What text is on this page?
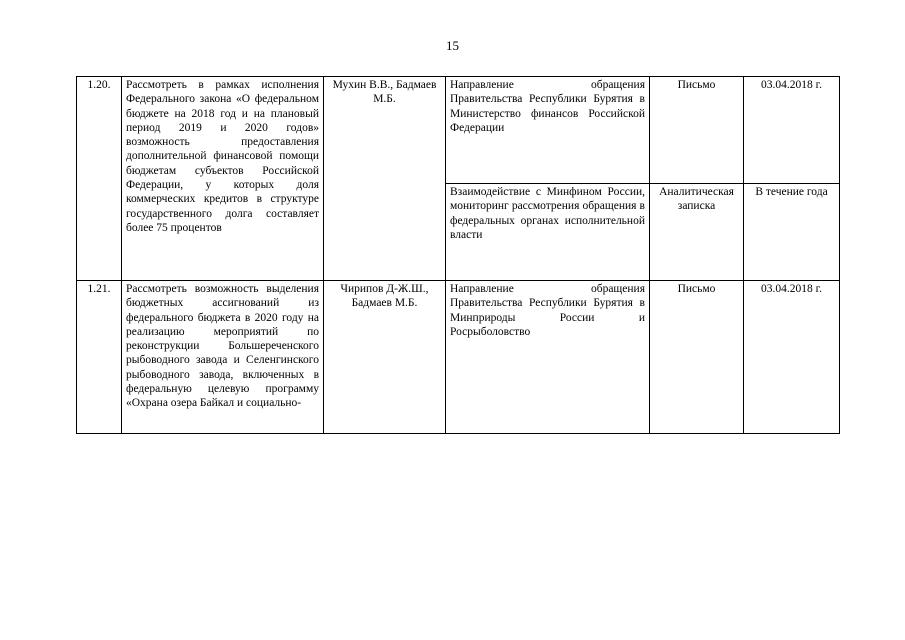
15
1.20.	Рассмотреть в рамках исполнения Федерального закона «О федеральном бюджете на 2018 год и на плановый период 2019 и 2020 годов» возможность предоставления дополнительной финансовой помощи бюджетам субъектов Российской Федерации, у которых доля коммерческих кредитов в структуре государственного долга составляет более 75 процентов	Мухин В.В., Бадмаев М.Б.	Направление обращения Правительства Республики Бурятия в Министерство финансов Российской Федерации	Письмо	03.04.2018 г.
			Взаимодействие с Минфином России, мониторинг рассмотрения обращения в федеральных органах исполнительной власти	Аналитическая записка	В течение года
1.21.	Рассмотреть возможность выделения бюджетных ассигнований из федерального бюджета в 2020 году на реализацию мероприятий по реконструкции Большереченского рыбоводного завода и Селенгинского рыбоводного завода, включенных в федеральную целевую программу «Охрана озера Байкал и социально-	Чирипов Д-Ж.Ш., Бадмаев М.Б.	Направление обращения Правительства Республики Бурятия в Минприроды России и Росрыболовство	Письмо	03.04.2018 г.
